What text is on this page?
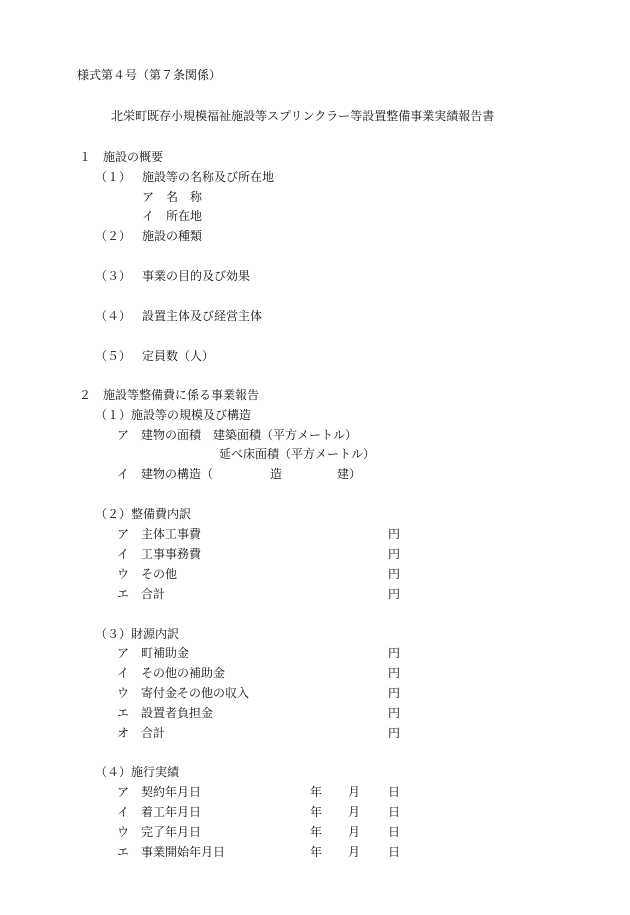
様式第４号（第７条関係）
北栄町既存小規模福祉施設等スプリンクラー等設置整備事業実績報告書
１　施設の概要
（１） 施設等の名称及び所在地
ア　名　称
イ　所在地
（２） 施設の種類
（３） 事業の目的及び効果
（４） 設置主体及び経営主体
（５） 定員数（人）
２　施設等整備費に係る事業報告
（１）施設等の規模及び構造
ア　建物の面積　建築面積（平方メートル）
延べ床面積（平方メートル）
イ　建物の構造（	造	建）
（２）整備費内訳
ア　主体工事費	円
イ　工事事務費	円
ウ　その他	円
エ　合計	円
（３）財源内訳
ア　町補助金	円
イ　その他の補助金	円
ウ　寄付金その他の収入	円
エ　設置者負担金	円
オ　合計	円
（４）施行実績
ア　契約年月日	年 月 日
イ　着工年月日	年 月 日
ウ　完了年月日	年 月 日
エ　事業開始年月日	年 月 日
